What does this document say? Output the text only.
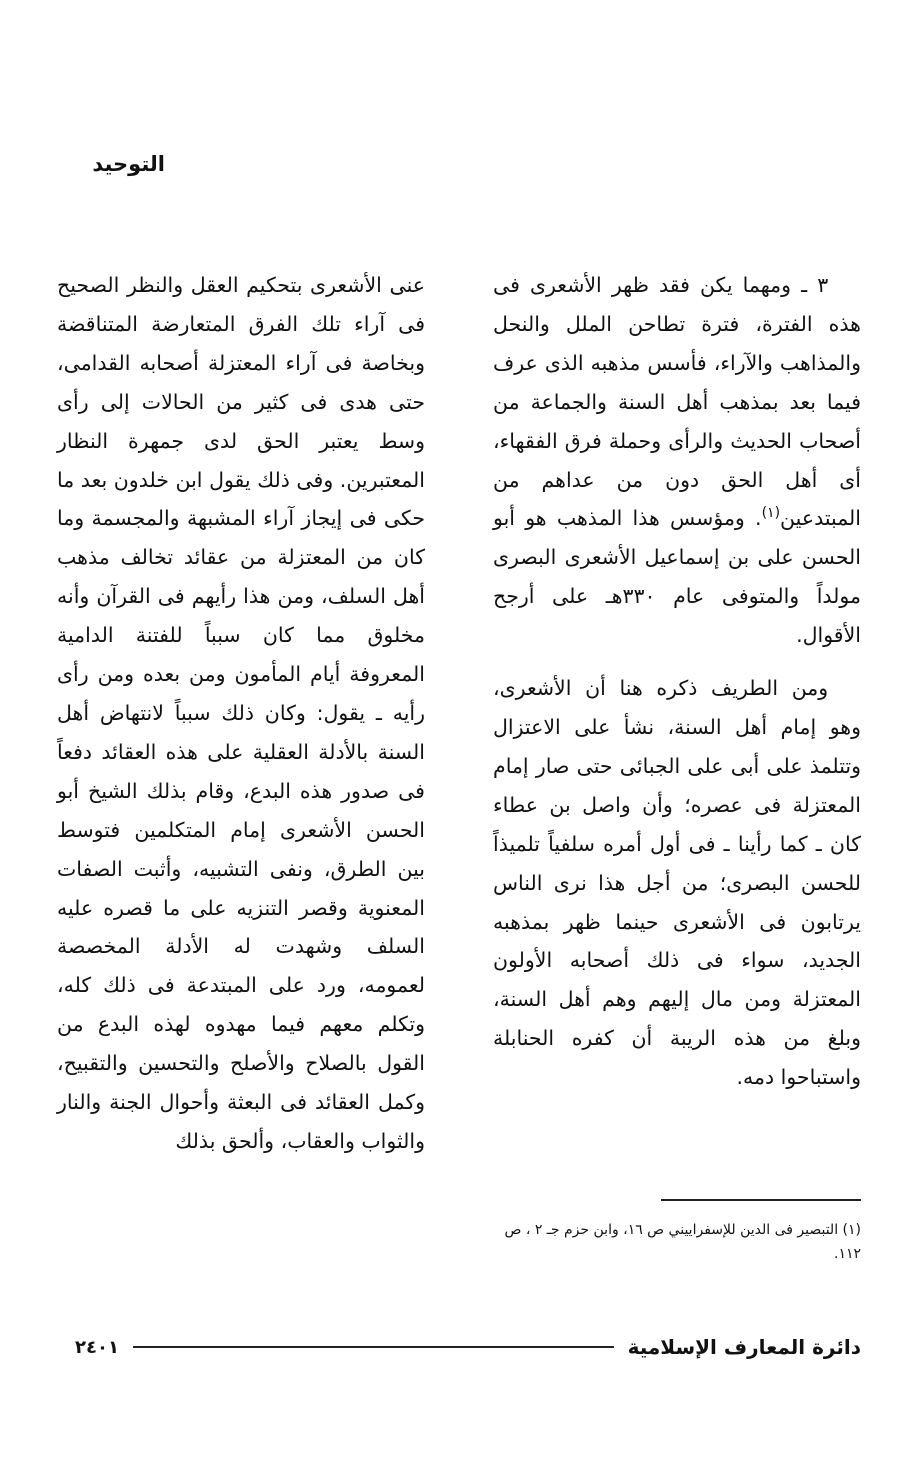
التوحيد

٣ ـ ومهما يكن فقد ظهر الأشعرى فى هذه الفترة، فترة تطاحن الملل والنحل والمذاهب والآراء، فأسس مذهبه الذى عرف فيما بعد بمذهب أهل السنة والجماعة من أصحاب الحديث والرأى وحملة فرق الفقهاء، أى أهل الحق دون من عداهم من المبتدعين$^{(١)}$. ومؤسس هذا المذهب هو أبو الحسن على بن إسماعيل الأشعرى البصرى مولداً والمتوفى عام ٣٣٠هـ على أرجح الأقوال.

ومن الطريف ذكره هنا أن الأشعرى، وهو إمام أهل السنة، نشأ على الاعتزال وتتلمذ على أبى على الجبائى حتى صار إمام المعتزلة فى عصره؛ وأن واصل بن عطاء كان ـ كما رأينا ـ فى أول أمره سلفياً تلميذاً للحسن البصرى؛ من أجل هذا نرى الناس يرتابون فى الأشعرى حينما ظهر بمذهبه الجديد، سواء فى ذلك أصحابه الأولون المعتزلة ومن مال إليهم وهم أهل السنة، وبلغ من هذه الريبة أن كفره الحنابلة واستباحوا دمه.

عنى الأشعرى بتحكيم العقل والنظر الصحيح فى آراء تلك الفرق المتعارضة المتناقضة وبخاصة فى آراء المعتزلة أصحابه القدامى، حتى هدى فى كثير من الحالات إلى رأى وسط يعتبر الحق لدى جمهرة النظار المعتبرين. وفى ذلك يقول ابن خلدون بعد ما حكى فى إيجاز آراء المشبهة والمجسمة وما كان من المعتزلة من عقائد تخالف مذهب أهل السلف، ومن هذا رأيهم فى القرآن وأنه مخلوق مما كان سبباً للفتنة الدامية المعروفة أيام المأمون ومن بعده ومن رأى رأيه ـ يقول: وكان ذلك سبباً لانتهاض أهل السنة بالأدلة العقلية على هذه العقائد دفعاً فى صدور هذه البدع، وقام بذلك الشيخ أبو الحسن الأشعرى إمام المتكلمين فتوسط بين الطرق، ونفى التشبيه، وأثبت الصفات المعنوية وقصر التنزيه على ما قصره عليه السلف وشهدت له الأدلة المخصصة لعمومه، ورد على المبتدعة فى ذلك كله، وتكلم معهم فيما مهدوه لهذه البدع من القول بالصلاح والأصلح والتحسين والتقبيح، وكمل العقائد فى البعثة وأحوال الجنة والنار والثواب والعقاب، وألحق بذلك

(١) التبصير فى الدين للإسفراييني ص ١٦، وابن حزم جـ ٢ ، ص ١١٢.
دائرة المعارف الإسلامية
٢٤٠١
